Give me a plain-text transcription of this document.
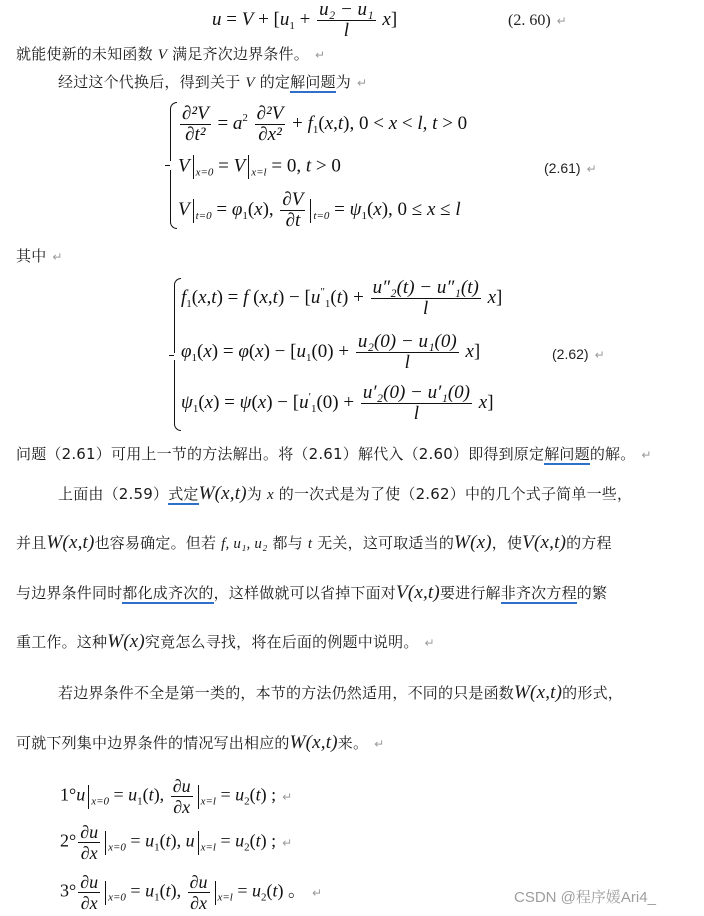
$u = V + [u_1 + \frac{\text{u₂ − u₁}}{l} x]$	(2. 60) ↵
就能使新的未知函数 V 满足齐次边界条件。 ↵
经过这个代换后，得到关于 V 的定解问题为 ↵
$\frac{\text{∂²V}}{\text{∂t²}} = a^2 \frac{\text{∂²V}}{\text{∂x²}} + f_1(x,t)$, 0 < x < l, t > 0
V $_{x=0}$ = V $_{x=l}$ = 0, t > 0
V $_{t=0} = \varphi_1(x)$, $\frac{\partial V}{\partial t} _{t=0} = \psi_1(x)$, 0 ≤ x ≤ l
(2.61) ↵
其中 ↵
$f_1(x,t) = f$ $(x,t) - [u''_1(t) + \frac{\text{u″₂(t) − u″₁(t)}}{l} x]$
$\varphi_1(x) = \varphi(x) - [u_1(0) + \frac{\text{u₂(0) − u₁(0)}}{l} x]$
$\psi_1(x) = \psi(x) - [u'_1(0) + \frac{\text{u′₂(0) − u′₁(0)}}{l} x]$
(2.62) ↵
问题（2.61）可用上一节的方法解出。将（2.61）解代入（2.60）即得到原定解问题的解。 ↵
上面由（2.59）式定W(x,t)为 x 的一次式是为了使（2.62）中的几个式子简单一些，
并且W(x,t)也容易确定。但若 f, u₁, u₂ 都与 t 无关，这可取适当的W(x)，使V(x,t)的方程
与边界条件同时都化成齐次的，这样做就可以省掉下面对V(x,t)要进行解非齐次方程的繁
重工作。这种W(x)究竟怎么寻找，将在后面的例题中说明。 ↵
若边界条件不全是第一类的，本节的方法仍然适用，不同的只是函数W(x,t)的形式，
可就下列集中边界条件的情况写出相应的W(x,t)来。 ↵
1°u $_{x=0} = u_1(t)$, $\frac{\partial u}{\partial x} _{x=l} = u_2(t)$ ; ↵
$2^\circ \frac{\partial u}{\partial x} _{x=0} = u_1(t)$, u $_{x=l} = u_2(t)$ ; ↵
$3^\circ \frac{\partial u}{\partial x} _{x=0} = u_1(t)$, $\frac{\partial u}{\partial x} _{x=l} = u_2(t)$ 。 ↵	CSDN @程序媛Ari4_
